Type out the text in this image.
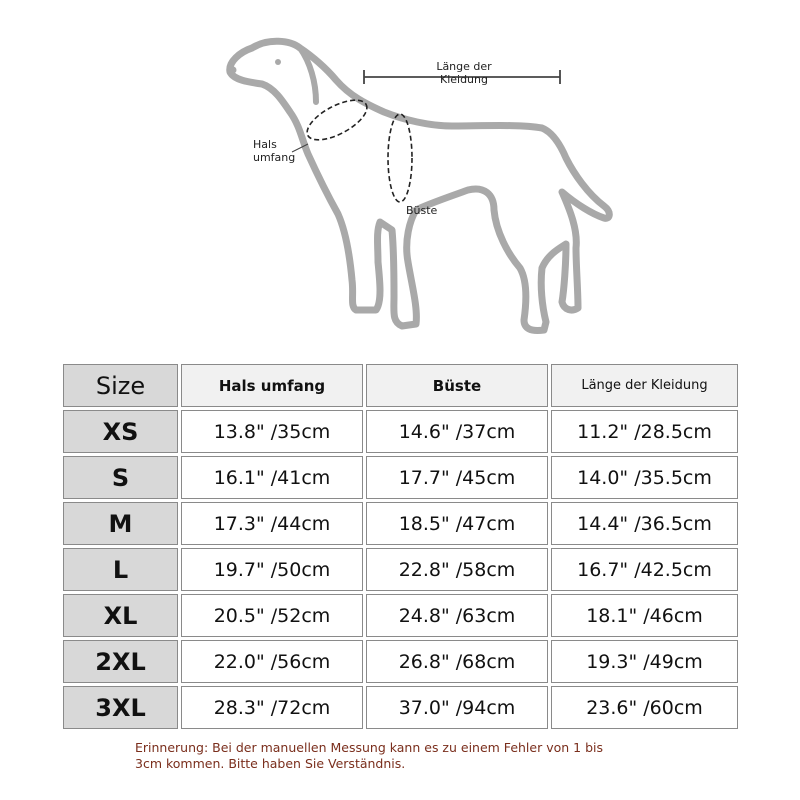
Länge der
Kleidung
Hals
umfang
Büste
Size	Hals umfang	Büste	Länge der Kleidung
XS	13.8" /35cm	14.6" /37cm	11.2" /28.5cm
S	16.1" /41cm	17.7" /45cm	14.0" /35.5cm
M	17.3" /44cm	18.5" /47cm	14.4" /36.5cm
L	19.7" /50cm	22.8" /58cm	16.7" /42.5cm
XL	20.5" /52cm	24.8" /63cm	18.1" /46cm
2XL	22.0" /56cm	26.8" /68cm	19.3" /49cm
3XL	28.3" /72cm	37.0" /94cm	23.6" /60cm
Erinnerung: Bei der manuellen Messung kann es zu einem Fehler von 1 bis
3cm kommen. Bitte haben Sie Verständnis.
